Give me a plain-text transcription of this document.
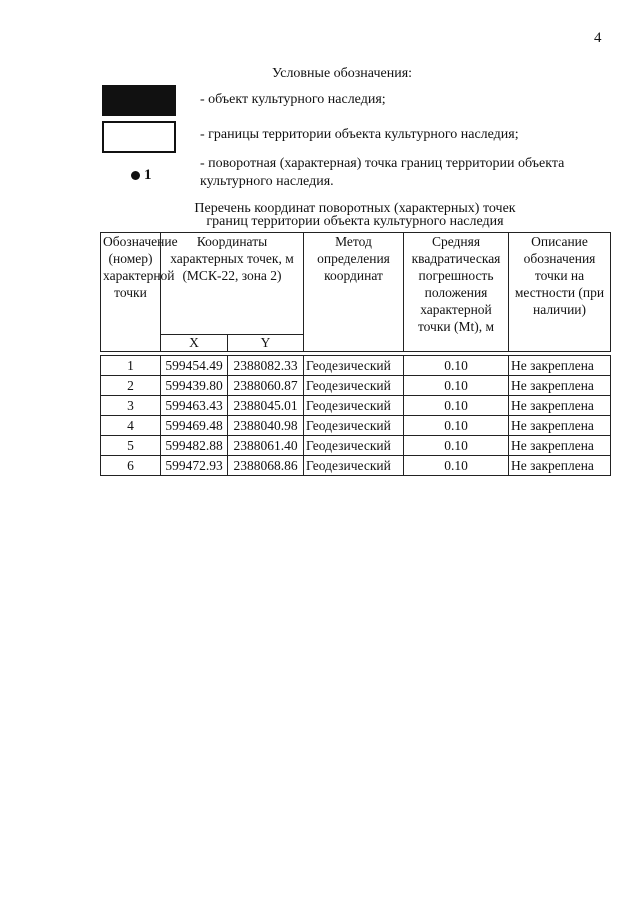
4
Условные обозначения:
- объект культурного наследия;
- границы территории объекта культурного наследия;
1
- поворотная (характерная) точка границ территории объекта культурного наследия.
Перечень координат поворотных (характерных) точек
границ территории объекта культурного наследия
Обозначение (номер) характерной точки	Координаты характерных точек, м (МСК-22, зона 2)		Метод определения координат	Средняя квадратическая погрешность положения характерной точки (Mt), м	Описание обозначения точки на местности (при наличии)
	X	Y			

1	599454.49	2388082.33	Геодезический	0.10	Не закреплена
2	599439.80	2388060.87	Геодезический	0.10	Не закреплена
3	599463.43	2388045.01	Геодезический	0.10	Не закреплена
4	599469.48	2388040.98	Геодезический	0.10	Не закреплена
5	599482.88	2388061.40	Геодезический	0.10	Не закреплена
6	599472.93	2388068.86	Геодезический	0.10	Не закреплена
